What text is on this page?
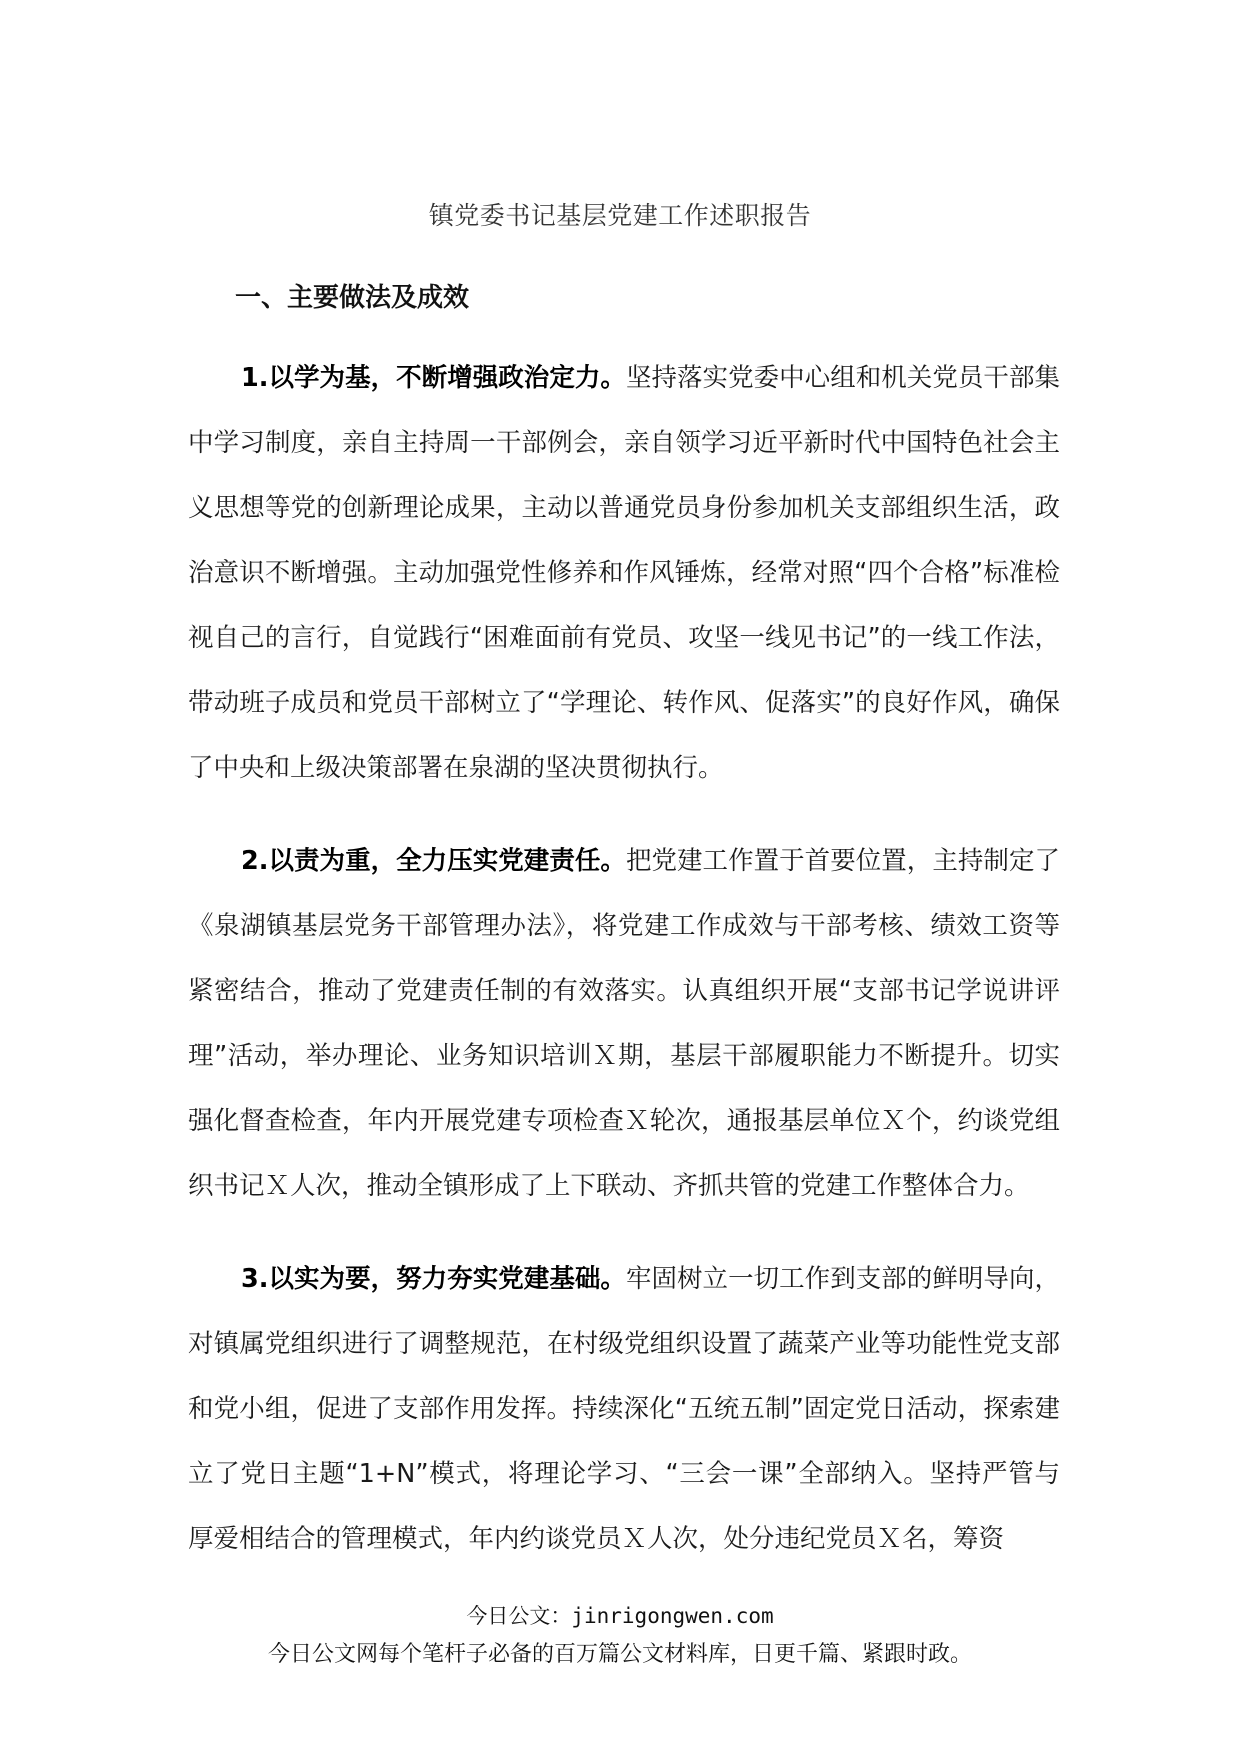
镇党委书记基层党建工作述职报告
一、主要做法及成效

1.以学为基，不断增强政治定力。坚持落实党委中心组和机关党员干部集中学习制度，亲自主持周一干部例会，亲自领学习近平新时代中国特色社会主义思想等党的创新理论成果，主动以普通党员身份参加机关支部组织生活，政治意识不断增强。主动加强党性修养和作风锤炼，经常对照“四个合格”标准检视自己的言行，自觉践行“困难面前有党员、攻坚一线见书记”的一线工作法，带动班子成员和党员干部树立了“学理论、转作风、促落实”的良好作风，确保了中央和上级决策部署在泉湖的坚决贯彻执行。

2.以责为重，全力压实党建责任。把党建工作置于首要位置，主持制定了《泉湖镇基层党务干部管理办法》，将党建工作成效与干部考核、绩效工资等紧密结合，推动了党建责任制的有效落实。认真组织开展“支部书记学说讲评理”活动，举办理论、业务知识培训Ｘ期，基层干部履职能力不断提升。切实强化督查检查，年内开展党建专项检查Ｘ轮次，通报基层单位Ｘ个，约谈党组织书记Ｘ人次，推动全镇形成了上下联动、齐抓共管的党建工作整体合力。

3.以实为要，努力夯实党建基础。牢固树立一切工作到支部的鲜明导向，对镇属党组织进行了调整规范，在村级党组织设置了蔬菜产业等功能性党支部和党小组，促进了支部作用发挥。持续深化“五统五制”固定党日活动，探索建立了党日主题“1+N”模式，将理论学习、“三会一课”全部纳入。坚持严管与厚爱相结合的管理模式，年内约谈党员Ｘ人次，处分违纪党员Ｘ名，筹资

今日公文：jinrigongwen.com
今日公文网每个笔杆子必备的百万篇公文材料库，日更千篇、紧跟时政。
